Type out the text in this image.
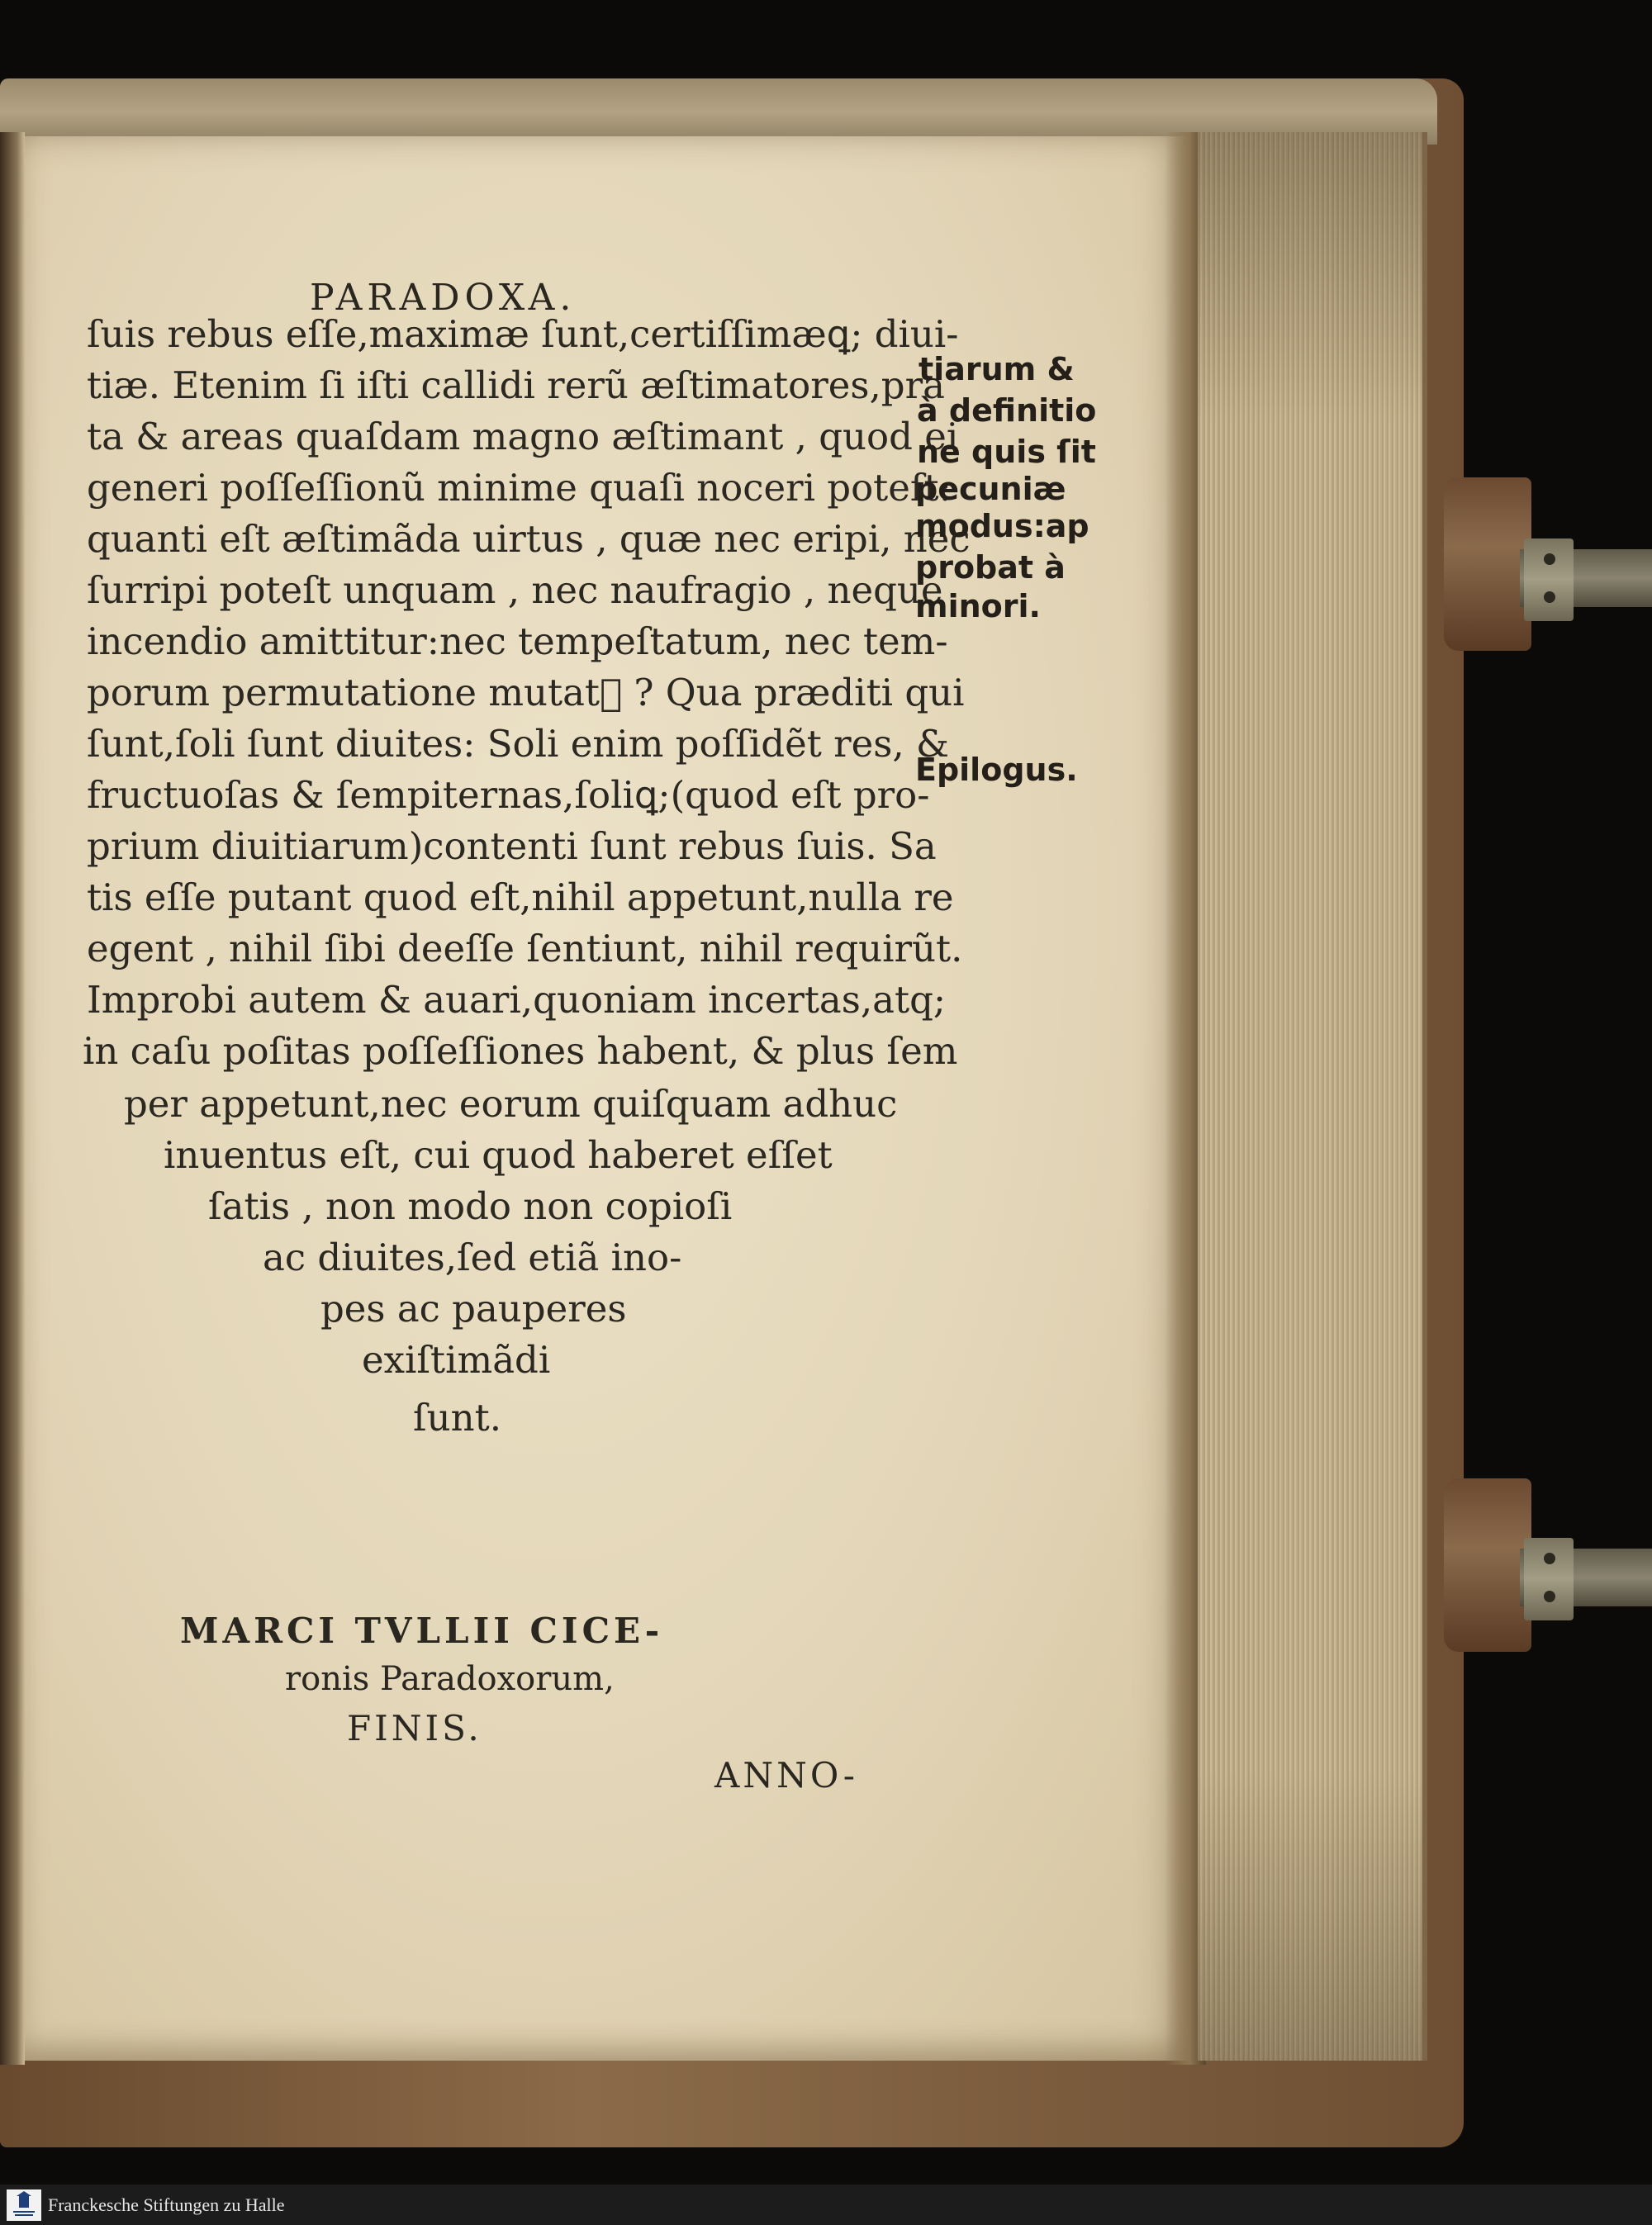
PARADOXA.
ſuis rebus eſſe,maximæ ſunt,certiſſimæꝗ; diui-
tiæ. Etenim ſi iſti callidi rerũ æſtimatores,pra
ta & areas quaſdam magno æſtimant , quod ei
generi poſſeſſionũ minime quaſi noceri poteſt:
quanti eſt æſtimãda uirtus , quæ nec eripi, nec
ſurripi poteſt unquam , nec naufragio , neque
incendio amittitur:nec tempeſtatum, nec tem-
porum permutatione mutatᷓ ? Qua præditi qui
ſunt,ſoli ſunt diuites: Soli enim poſſidẽt res, &
fructuoſas & ſempiternas,ſoliꝗ;(quod eſt pro-
prium diuitiarum)contenti ſunt rebus ſuis. Sa
tis eſſe putant quod eſt,nihil appetunt,nulla re
egent , nihil ſibi deeſſe ſentiunt, nihil requirũt.
Improbi autem & auari,quoniam incertas,atq;
in caſu poſitas poſſeſſiones habent, & plus ſem
per appetunt,nec eorum quiſquam adhuc
inuentus eſt, cui quod haberet eſſet
ſatis , non modo non copioſi
ac diuites,ſed etiã ino-
pes ac pauperes
exiſtimãdi
ſunt.
tiarum &
à definitio
ne quis ſit
pecuniæ
modus:ap
probat à
minori.
Epilogus.
MARCI TVLLII CICE-
ronis Paradoxorum,
FINIS.
ANNO-
Franckesche Stiftungen zu Halle
